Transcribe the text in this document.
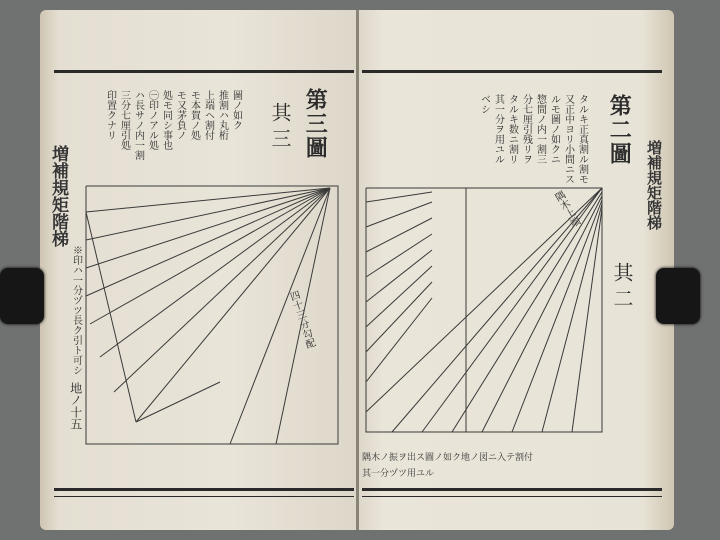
第三圖
其三
圖ノ如ク
推割ハ丸桁
上端ヘ割付
モ本賀ノ処
モ又茅負ノ
処モ同シ事也
㊀印ノアル処
ハ長サノ内一割
三分七厘引処
印置クナリ
増補規矩階梯
※印ハ一分ヅツ長ク引ト可シ
地ノ十五
四十三分勾配
第二圖
其二
タルキ正真割ル割モ
又正中ヨリ小間ニス
ルモ圖ノ如クニ
惣間ノ内一割三
分七厘引残リヲ
タルキ数ニ割リ
其一分ヲ用ユル
ベシ
増補規矩階梯
隅木上端
隅木ノ振ヲ出ス圖ノ如ク地ノ図ニ入テ割付
其一分ヅツ用ユル
